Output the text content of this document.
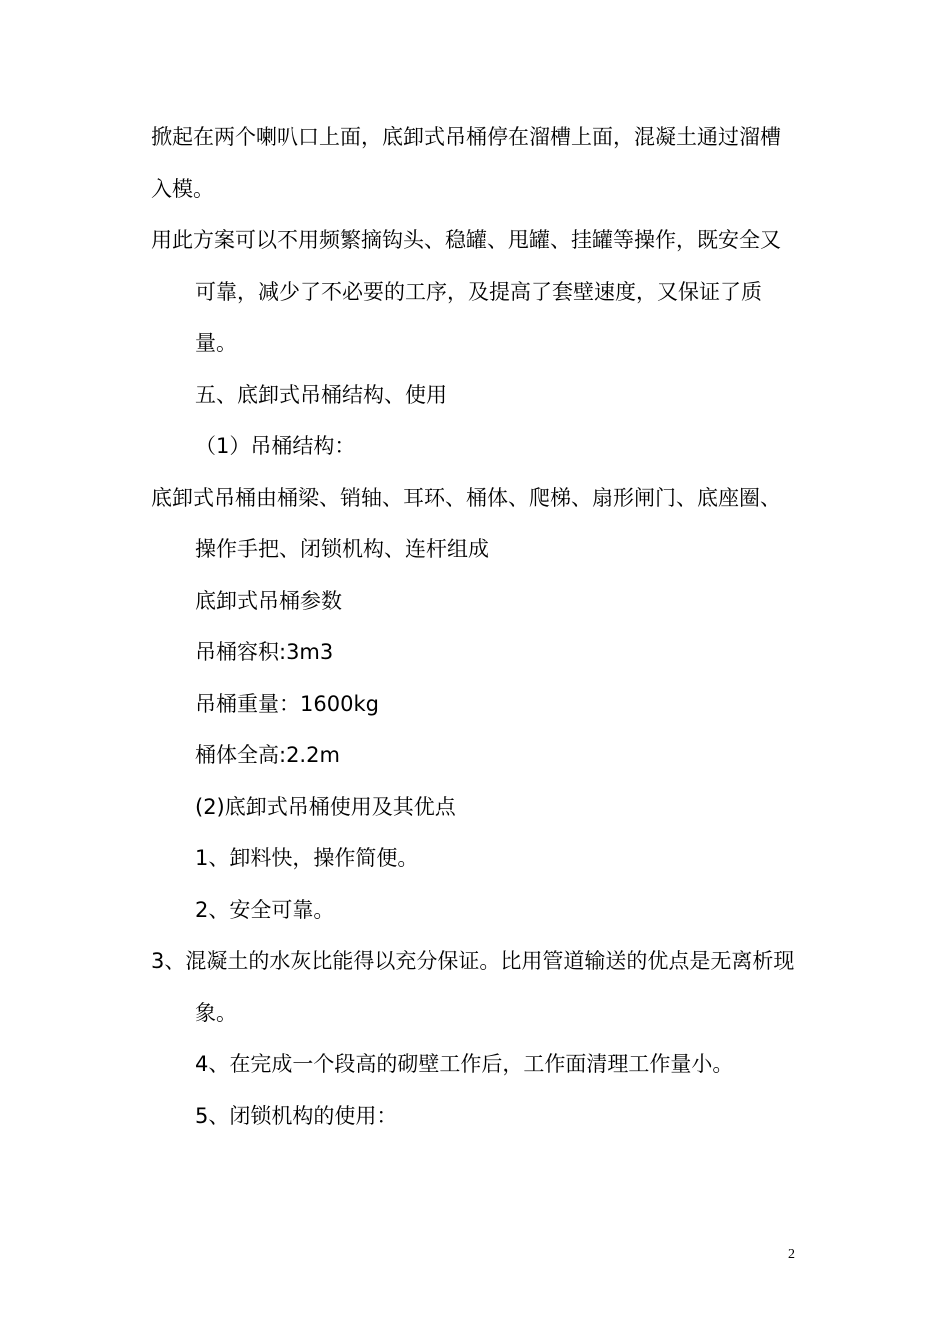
掀起在两个喇叭口上面，底卸式吊桶停在溜槽上面，混凝土通过溜槽入模。

用此方案可以不用频繁摘钩头、稳罐、甩罐、挂罐等操作，既安全又可靠，减少了不必要的工序，及提高了套壁速度，又保证了质量。

五、底卸式吊桶结构、使用

（1）吊桶结构：

底卸式吊桶由桶梁、销轴、耳环、桶体、爬梯、扇形闸门、底座圈、操作手把、闭锁机构、连杆组成

底卸式吊桶参数

吊桶容积:3m3

吊桶重量：1600kg

桶体全高:2.2m

(2)底卸式吊桶使用及其优点

1、卸料快，操作简便。

2、安全可靠。

3、混凝土的水灰比能得以充分保证。比用管道输送的优点是无离析现象。

4、在完成一个段高的砌壁工作后，工作面清理工作量小。

5、闭锁机构的使用：

2
